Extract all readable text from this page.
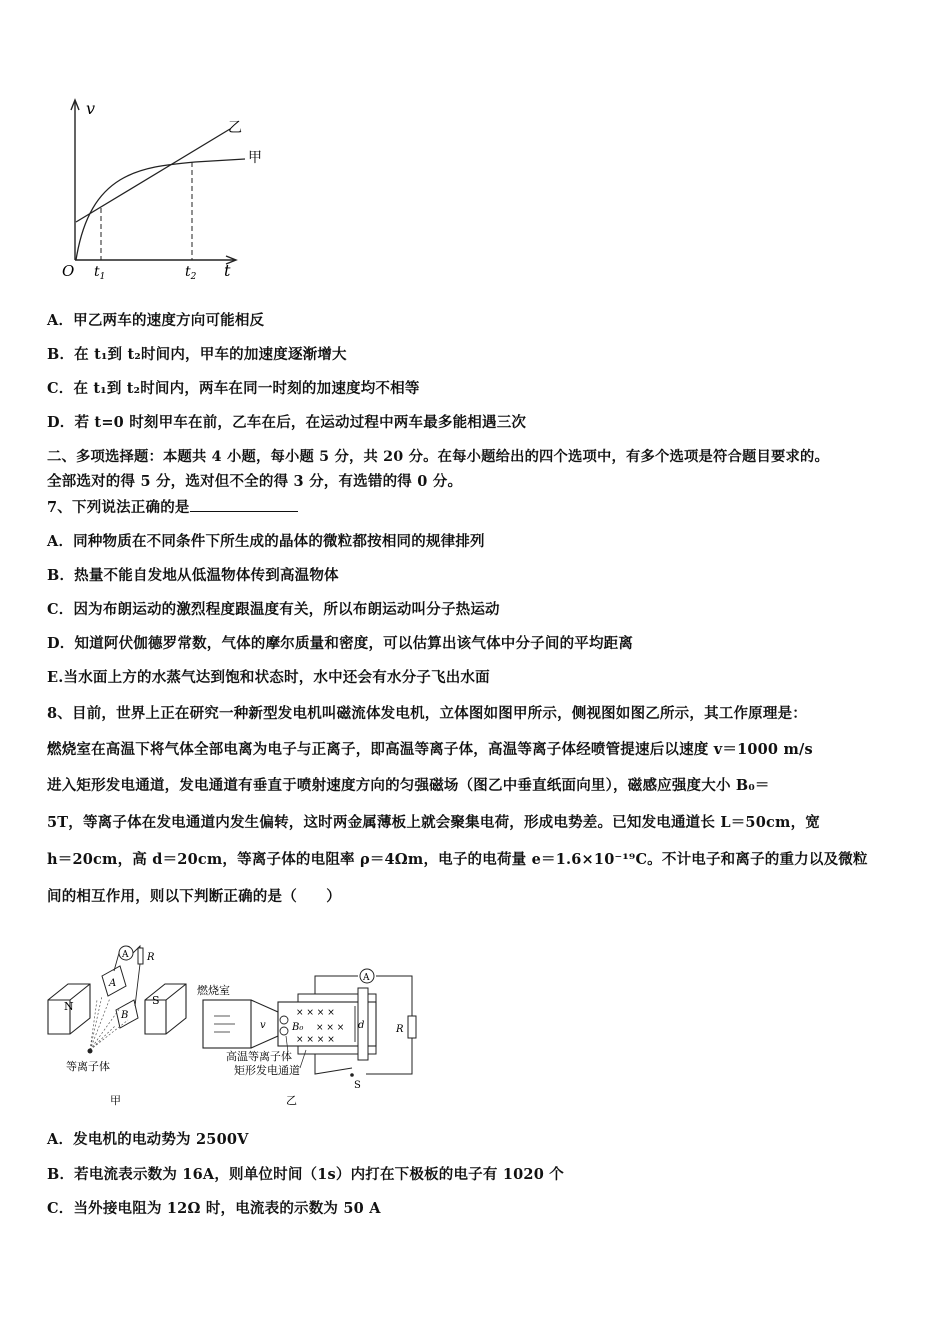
v
t
O
乙
甲
$t_1$	$t_2$
A．甲乙两车的速度方向可能相反
B．在 t₁到 t₂时间内，甲车的加速度逐渐增大
C．在 t₁到 t₂时间内，两车在同一时刻的加速度均不相等
D．若 t=0 时刻甲车在前，乙车在后，在运动过程中两车最多能相遇三次
二、多项选择题：本题共 4 小题，每小题 5 分，共 20 分。在每小题给出的四个选项中，有多个选项是符合题目要求的。
全部选对的得 5 分，选对但不全的得 3 分，有选错的得 0 分。
7、下列说法正确的是
A．同种物质在不同条件下所生成的晶体的微粒都按相同的规律排列
B．热量不能自发地从低温物体传到高温物体
C．因为布朗运动的激烈程度跟温度有关，所以布朗运动叫分子热运动
D．知道阿伏伽德罗常数，气体的摩尔质量和密度，可以估算出该气体中分子间的平均距离
E.当水面上方的水蒸气达到饱和状态时，水中还会有水分子飞出水面
8、目前，世界上正在研究一种新型发电机叫磁流体发电机，立体图如图甲所示，侧视图如图乙所示，其工作原理是：
燃烧室在高温下将气体全部电离为电子与正离子，即高温等离子体，高温等离子体经喷管提速后以速度 v＝1000 m/s
进入矩形发电通道，发电通道有垂直于喷射速度方向的匀强磁场（图乙中垂直纸面向里），磁感应强度大小 B₀＝
5T，等离子体在发电通道内发生偏转，这时两金属薄板上就会聚集电荷，形成电势差。已知发电通道长 L＝50cm，宽
h＝20cm，高 d＝20cm，等离子体的电阻率 ρ＝4Ωm，电子的电荷量 e＝1.6×10⁻¹⁹C。不计电子和离子的重力以及微粒
间的相互作用，则以下判断正确的是（　　）
N	S
A
B
A R
等离子体
甲
燃烧室
v
× × × ×
B₀ × × ×
× × × ×
d
A
R
S
高温等离子体
矩形发电通道
乙
A．发电机的电动势为 2500V
B．若电流表示数为 16A，则单位时间（1s）内打在下极板的电子有 1020 个
C．当外接电阻为 12Ω 时，电流表的示数为 50 A
